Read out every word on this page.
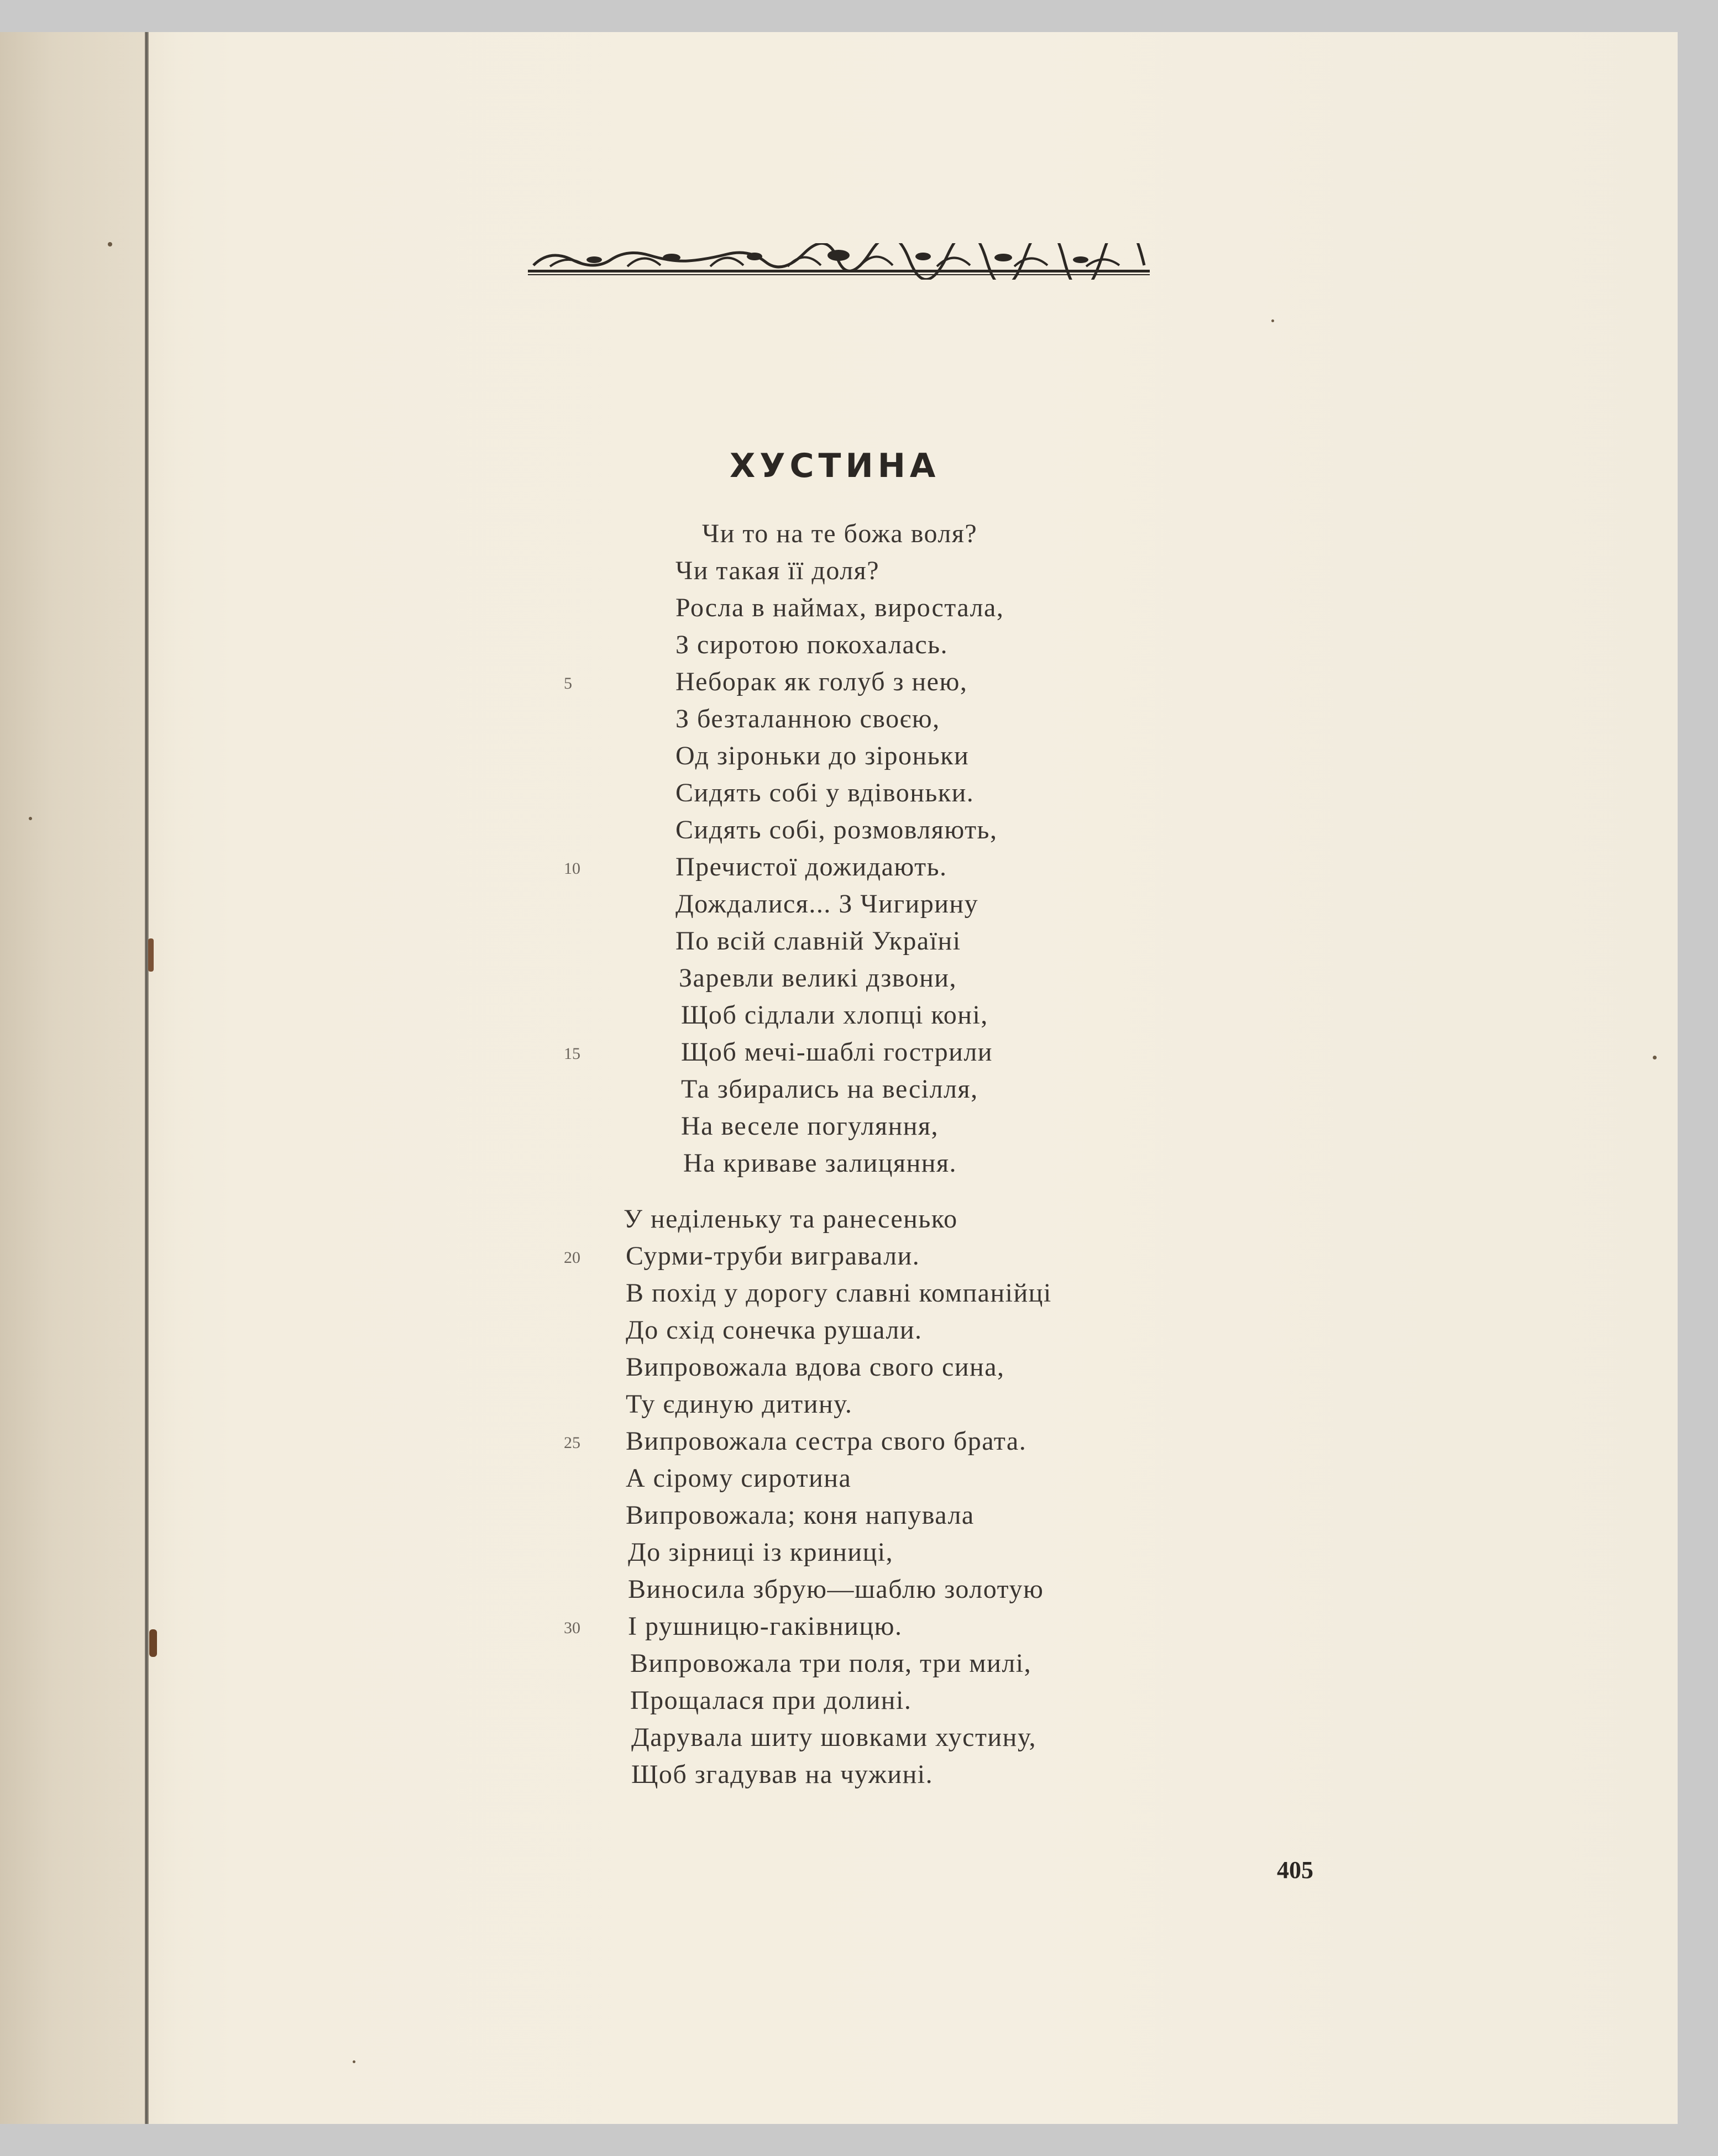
ХУСТИНА
Чи то на те божа воля?
Чи такая її доля?
Росла в наймах, виростала,
З сиротою покохалась.
Неборак як голуб з нею,
З безталанною своєю,
Од зіроньки до зіроньки
Сидять собі у вдівоньки.
Сидять собі, розмовляють,
Пречистої дожидають.
Дождалися... З Чигирину
По всій славній Україні
Заревли великі дзвони,
Щоб сідлали хлопці коні,
Щоб мечі-шаблі гострили
Та збирались на весілля,
На веселе погуляння,
На криваве залицяння.
У неділеньку та ранесенько
Сурми-труби вигравали.
В похід у дорогу славні компанійці
До схід сонечка рушали.
Випровожала вдова свого сина,
Ту єдиную дитину.
Випровожала сестра свого брата.
А сірому сиротина
Випровожала; коня напувала
До зірниці із криниці,
Виносила збрую—шаблю золотую
І рушницю-гаківницю.
Випровожала три поля, три милі,
Прощалася при долині.
Дарувала шиту шовками хустину,
Щоб згадував на чужині.
5
10
15
20
25
30
405
